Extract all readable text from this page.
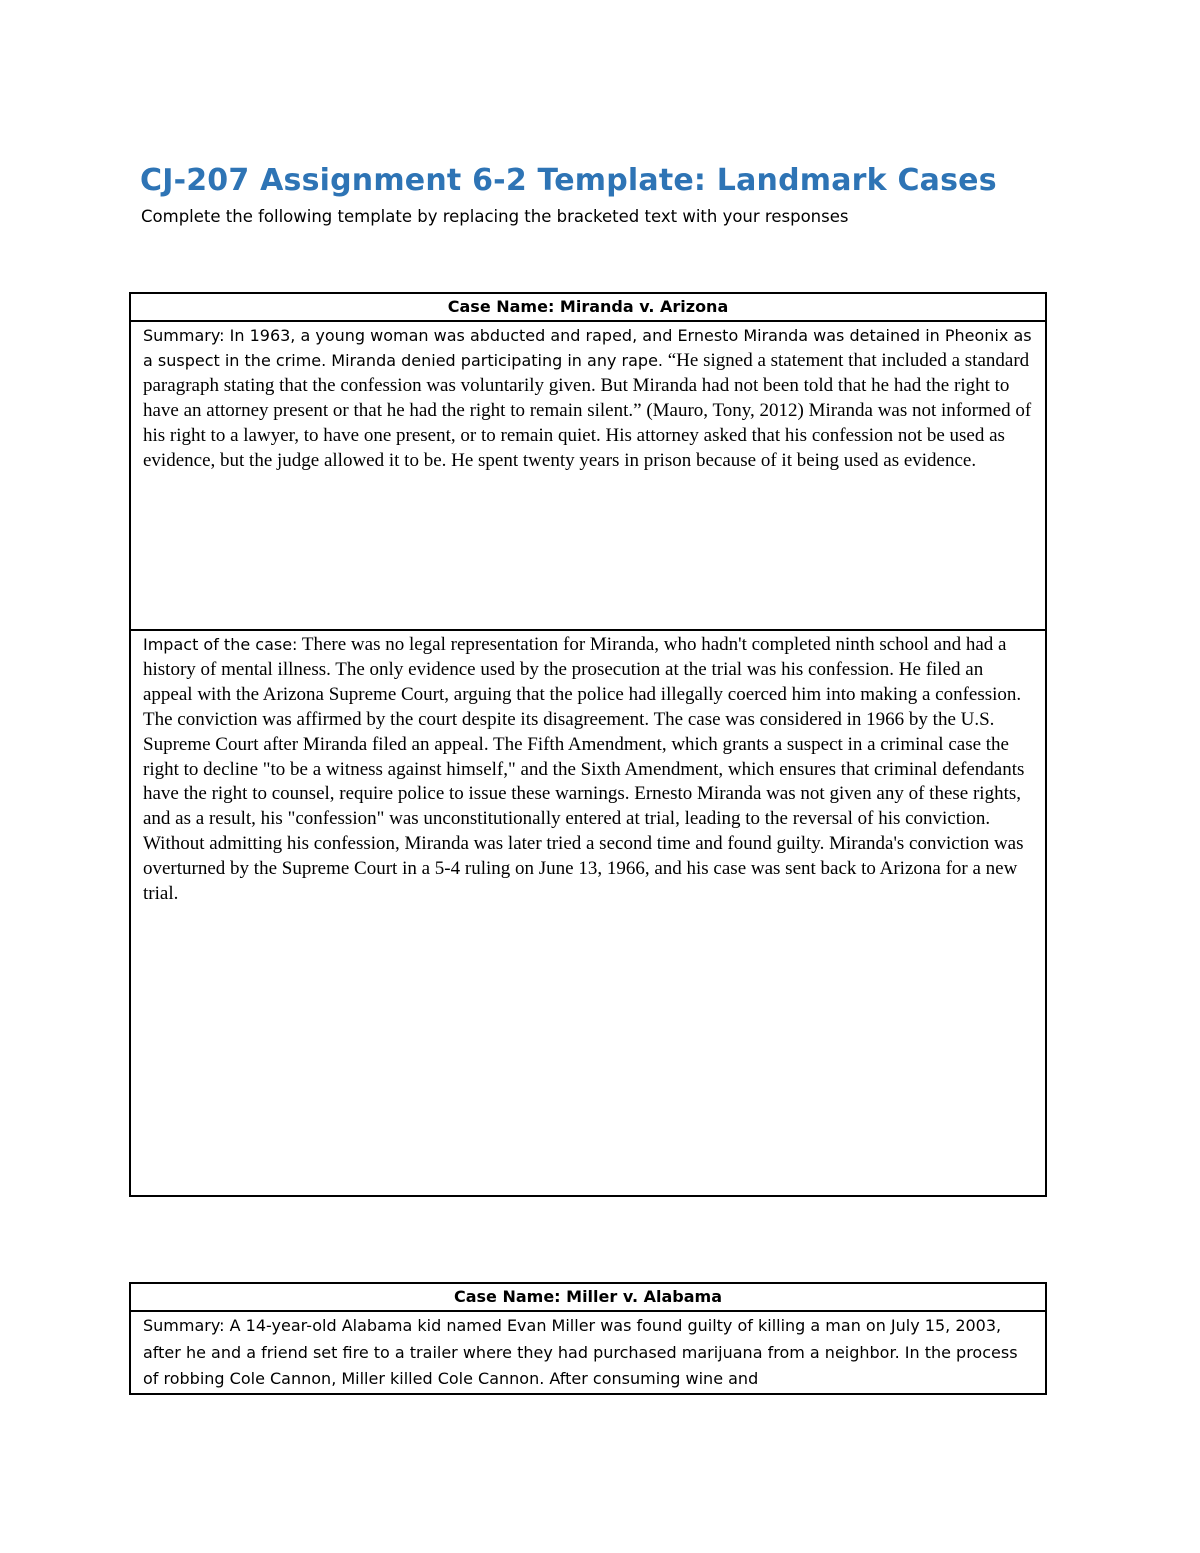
CJ-207 Assignment 6-2 Template: Landmark Cases

Complete the following template by replacing the bracketed text with your responses

Case Name: Miranda v. Arizona

Summary: In 1963, a young woman was abducted and raped, and Ernesto Miranda was detained in Pheonix as a suspect in the crime. Miranda denied participating in any rape. “He signed a statement that included a standard paragraph stating that the confession was voluntarily given. But Miranda had not been told that he had the right to have an attorney present or that he had the right to remain silent.” (Mauro, Tony, 2012) Miranda was not informed of his right to a lawyer, to have one present, or to remain quiet. His attorney asked that his confession not be used as evidence, but the judge allowed it to be. He spent twenty years in prison because of it being used as evidence.

Impact of the case: There was no legal representation for Miranda, who hadn't completed ninth school and had a history of mental illness. The only evidence used by the prosecution at the trial was his confession. He filed an appeal with the Arizona Supreme Court, arguing that the police had illegally coerced him into making a confession. The conviction was affirmed by the court despite its disagreement. The case was considered in 1966 by the U.S. Supreme Court after Miranda filed an appeal. The Fifth Amendment, which grants a suspect in a criminal case the right to decline "to be a witness against himself," and the Sixth Amendment, which ensures that criminal defendants have the right to counsel, require police to issue these warnings. Ernesto Miranda was not given any of these rights, and as a result, his "confession" was unconstitutionally entered at trial, leading to the reversal of his conviction. Without admitting his confession, Miranda was later tried a second time and found guilty. Miranda's conviction was overturned by the Supreme Court in a 5-4 ruling on June 13, 1966, and his case was sent back to Arizona for a new trial.
Case Name: Miller v. Alabama

Summary: A 14-year-old Alabama kid named Evan Miller was found guilty of killing a man on July 15, 2003, after he and a friend set fire to a trailer where they had purchased marijuana from a neighbor. In the process of robbing Cole Cannon, Miller killed Cole Cannon. After consuming wine and
